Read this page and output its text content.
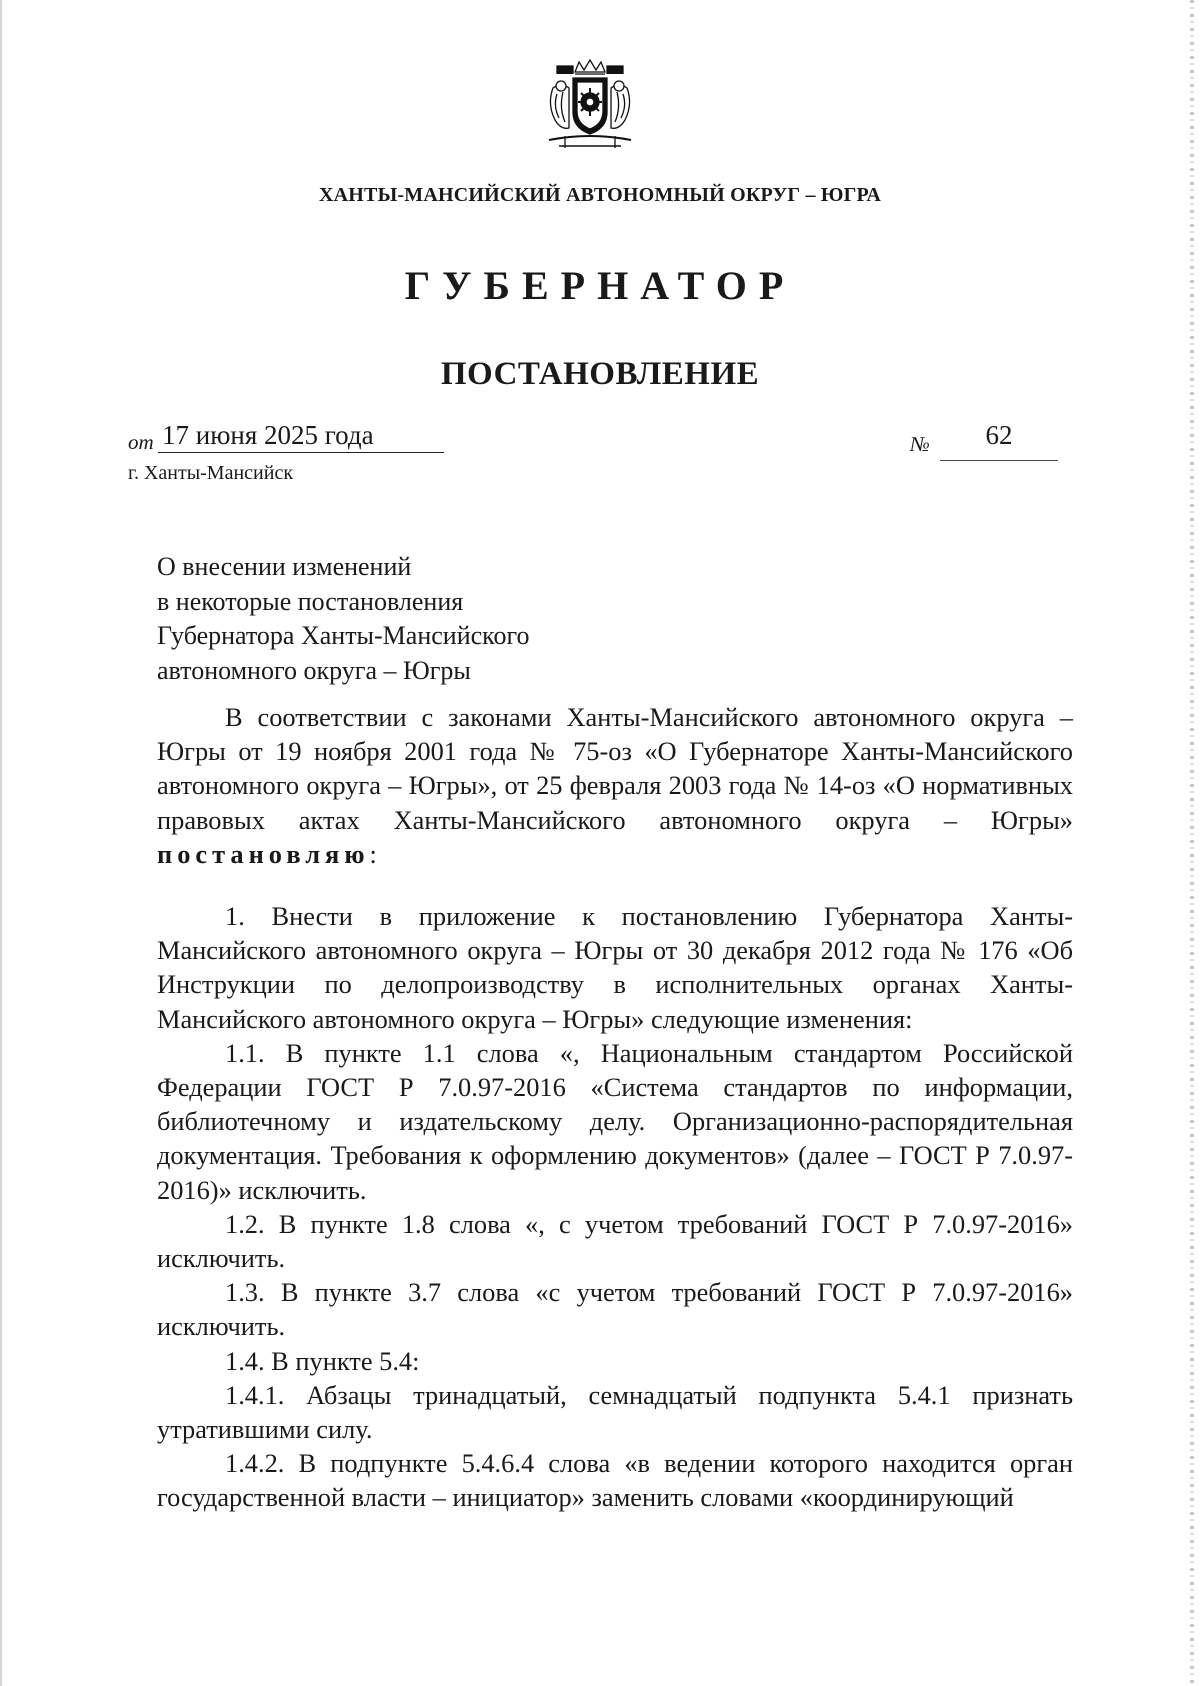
ХАНТЫ-МАНСИЙСКИЙ АВТОНОМНЫЙ ОКРУГ – ЮГРА
ГУБЕРНАТОР
ПОСТАНОВЛЕНИЕ
от 17 июня 2025 года	№	62
г. Ханты-Мансийск
О внесении изменений
в некоторые постановления
Губернатора Ханты-Мансийского
автономного округа – Югры

В соответствии с законами Ханты-Мансийского автономного округа – Югры от 19 ноября 2001 года № 75-оз «О Губернаторе Ханты-Мансийского автономного округа – Югры», от 25 февраля 2003 года № 14-оз «О нормативных правовых актах Ханты-Мансийского автономного округа – Югры» постановляю:

1. Внести в приложение к постановлению Губернатора Ханты-Мансийского автономного округа – Югры от 30 декабря 2012 года № 176 «Об Инструкции по делопроизводству в исполнительных органах Ханты-Мансийского автономного округа – Югры» следующие изменения:

1.1. В пункте 1.1 слова «, Национальным стандартом Российской Федерации ГОСТ Р 7.0.97-2016 «Система стандартов по информации, библиотечному и издательскому делу. Организационно-распорядительная документация. Требования к оформлению документов» (далее – ГОСТ Р 7.0.97-2016)» исключить.

1.2. В пункте 1.8 слова «, с учетом требований ГОСТ Р 7.0.97-2016» исключить.

1.3. В пункте 3.7 слова «с учетом требований ГОСТ Р 7.0.97-2016» исключить.

1.4. В пункте 5.4:

1.4.1. Абзацы тринадцатый, семнадцатый подпункта 5.4.1 признать утратившими силу.

1.4.2. В подпункте 5.4.6.4 слова «в ведении которого находится орган государственной власти – инициатор» заменить словами «координирующий
